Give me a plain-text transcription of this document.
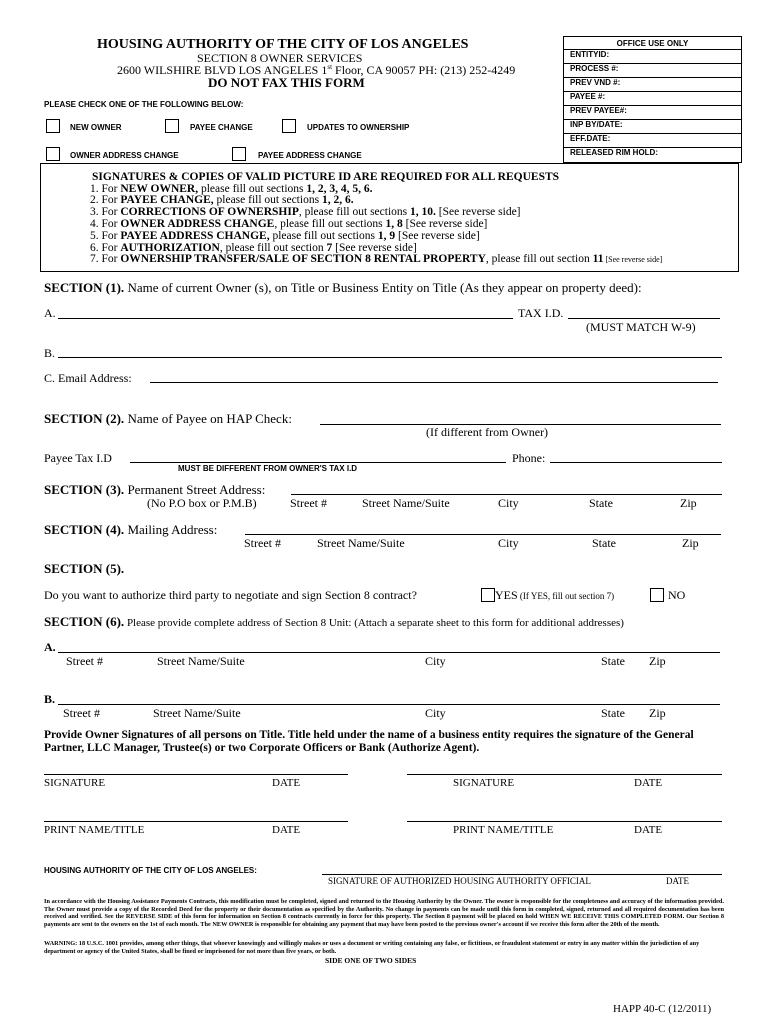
HOUSING AUTHORITY OF THE CITY OF LOS ANGELES
SECTION 8 OWNER SERVICES
2600 WILSHIRE BLVD LOS ANGELES 1st Floor, CA 90057 PH: (213) 252-4249
DO NOT FAX THIS FORM
OFFICE USE ONLY
ENTITYID:
PROCESS #:
PREV VND #:
PAYEE #:
PREV PAYEE#:
INP BY/DATE:
EFF.DATE:
RELEASED RIM HOLD:
PLEASE CHECK ONE OF THE FOLLOWING BELOW:
NEW OWNER	PAYEE CHANGE	UPDATES TO OWNERSHIP
OWNER ADDRESS CHANGE	PAYEE ADDRESS CHANGE
SIGNATURES & COPIES OF VALID PICTURE ID ARE REQUIRED FOR ALL REQUESTS
1. For NEW OWNER, please fill out sections 1, 2, 3, 4, 5, 6.
2. For PAYEE CHANGE, please fill out sections 1, 2, 6.
3. For CORRECTIONS OF OWNERSHIP, please fill out sections 1, 10. [See reverse side]
4. For OWNER ADDRESS CHANGE, please fill out sections 1, 8 [See reverse side]
5. For PAYEE ADDRESS CHANGE, please fill out sections 1, 9 [See reverse side]
6. For AUTHORIZATION, please fill out section 7 [See reverse side]
7. For OWNERSHIP TRANSFER/SALE OF SECTION 8 RENTAL PROPERTY, please fill out section 11 [See reverse side]
SECTION (1). Name of current Owner (s), on Title or Business Entity on Title (As they appear on property deed):
A.	TAX I.D.
(MUST MATCH W-9)
B.
C. Email Address:
SECTION (2). Name of Payee on HAP Check:
(If different from Owner)
Payee Tax I.D	Phone:
MUST BE DIFFERENT FROM OWNER'S TAX I.D
SECTION (3). Permanent Street Address:
(No P.O box or P.M.B)	Street #	Street Name/Suite	City	State	Zip
SECTION (4). Mailing Address:
Street #	Street Name/Suite	City	State	Zip
SECTION (5).
Do you want to authorize third party to negotiate and sign Section 8 contract?	YES (If YES, fill out section 7)	NO
SECTION (6). Please provide complete address of Section 8 Unit: (Attach a separate sheet to this form for additional addresses)
A.
Street #	Street Name/Suite	City	State Zip
B.
Street #	Street Name/Suite	City	State Zip
Provide Owner Signatures of all persons on Title. Title held under the name of a business entity requires the signature of the General Partner, LLC Manager, Trustee(s) or two Corporate Officers or Bank (Authorize Agent).
SIGNATURE	DATE	SIGNATURE	DATE
PRINT NAME/TITLE	DATE	PRINT NAME/TITLE	DATE
HOUSING AUTHORITY OF THE CITY OF LOS ANGELES:
SIGNATURE OF AUTHORIZED HOUSING AUTHORITY OFFICIAL	DATE
In accordance with the Housing Assistance Payments Contracts, this modification must be completed, signed and returned to the Housing Authority by the Owner. The owner is responsible for the completeness and accuracy of the information provided. The Owner must provide a copy of the Recorded Deed for the property or their documentation as specified by the Authority. No change in payments can be made until this form in completed, signed, returned and all required documentation has been received and verified. See the REVERSE SIDE of this form for information on Section 8 contracts currently in force for this property. The Section 8 payment will be placed on hold WHEN WE RECEIVE THIS COMPLETED FORM. Our Section 8 payments are sent to the owners on the 1st of each month. The NEW OWNER is responsible for obtaining any payment that may have been posted to the previous owner's account if we receive this form after the 20th of the month.
WARNING: 18 U.S.C. 1001 provides, among other things, that whoever knowingly and willingly makes or uses a document or writing containing any false, or fictitious, or fraudulent statement or entry in any matter within the jurisdiction of any department or agency of the United States, shall be fined or imprisoned for not more than five years, or both.
SIDE ONE OF TWO SIDES
HAPP 40-C (12/2011)
